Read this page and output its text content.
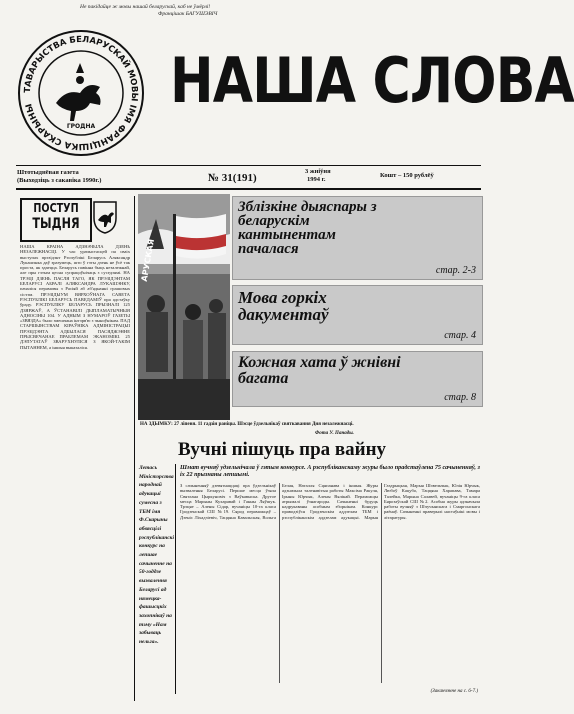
Не пакідайце ж мовы нашай беларускай, каб не ўмёрлі!
Францішак БАГУШЭВІЧ
ТАВАРЫСТВА БЕЛАРУСКАЙ МОВЫ ІМЯ ФРАНЦІШКА СКАРЫНЫ
ГРОДНА
НАША СЛОВА
Штотыднёвая газета
(Выходзіць з сакавіка 1990г.)	№ 31(191)
3 жніўня
1994 г.
Кошт – 150 рублёў
ПОСТУП
ТЫДНЯ
НАША КРАІНА АДЗНАЧЫЛА ДЗЕНЬ НЕЗАЛЕЖНАСЦІ. У час урачыстасцей па сваіх выступах прэзідэнт Рэспублікі Беларусь Аляксандр Лукашэнка даў зразумець, што ў гэты дзень не ўсё так проста, як здаецца. Беларусь павінна быць незалежнай, але пры гэтым цесна супрацоўнічаць з суседзямі. НА ТРЭЦІ ДЗЕНЬ ПАСЛЯ ТАГО, ЯК ПРЭЗІДЭНТАМ БЕЛАРУСІ АБРАЛІ АЛЯКСАНДРА ЛУКАШЭНКУ, пачаліся перамовы з Расіяй аб аб'яднанні грашовых сістэм. ПРЭЗІДЫУМ ВЯРХОЎНАГА САВЕТА РЭСПУБЛІКІ БЕЛАРУСЬ ПАВЕДАМІЎ пра адстаўку ўраду. РЭСПУБЛІКУ БЕЛАРУСЬ ПРЫЗНАЛІ 125 ДЗЯРЖАЎ, А ЎСТАНАВІЛІ ДЫПЛАМАТЫЧНЫЯ АДНОСІНЫ 104. У АДНЫМ З НУМАРОЎ ГАЗЕТЫ «ЗВЯЗДА» было змешчана інтэрв'ю з чыноўнікам. ПАД СТАРШЫНСТВАМ КІРАЎНІКА АДМІНІСТРАЦЫІ ПРЭЗІДЭНТА АДБЫЛАСЯ ПАСЯДЖЭННЕ ПРЫСВЕЧАНАЕ ПРАБЛЕМАМ ЭКАНОМІКІ. 25 ДЭПУТАТАЎ ЗВАРУХНУЛІСЯ З ЯКОЙ-ТАКІМ ПЫТАННЕМ, а іншыя выказаліся.
АРУСКАЯ
Зблізкіне дыяспары з беларускім кантынентам пачалася
стар. 2-3
Мова горкіх дакументаў
стар. 4
Кожная хата ў жнівні багата
стар. 8
НА ЗДЫМКУ: 27 ліпеня. 11 гадзін раніцы. Шэсце ўдзельнікаў святкавання Дня незалежнасці.
Фота У. Панады.
Вучні пішуць пра вайну
Летась Міністэрства народнай адукацыі сумесна з ТБМ імя Ф.Скарыны абвясцілі рэспубліканскі конкурс на лепшае сачыненне на 50-годдзе вызвалення Беларусі ад нямецка-фашысцкіх захопнікаў на тэму «Нам забываць нельга».
Шмат вучняў удзельнічала ў гэтым конкурсе. А рэспубліканскаму журы было прадстаўлена 75 сачыненняў, з іх 22 прызнаны лепшымі.
З сачыненняў дзевятнаццаці пра ўдзельнікаў вызвалення Беларусі. Першае месца ўзяла Святлана Цыркуновіч з Ваўкавыска. Другое месца Марыны Кухаравай і Ганны Ляўшук. Трэцяе – Алены Сідар, вучаніцы 10-га класа Гродзенскай СШ №19. Сярод пераможцаў – Дзеніс Ліхадзіевіч, Таццяна Кавальская, Вольга Белая, Наталля Сцяпанава і іншыя. Журы адзначыла таленавітыя работы Максіма Ракуля, Ірыны Юрчык, Алены Вялікай. Пераможцы атрымалі ўзнагароды. Сачыненні будуць надрукаваны асобным зборнікам. Конкурс праводзіўся Гродзенскім аддзелам ТБМ і рэспубліканскім аддзелам адукацыі. Марыя Газдрыцкая, Марыя Шэвельчык, Юлія Юрчык, Любоў Кацубо, Таццяна Харапава, Тамара Талейка, Марына Салавей, вучаніцы 9-га класа Бярозаўскай СШ №2. Асобна журы адзначыла работы вучняў з Шчучынскага і Смаргонскага раёнаў. Сачыненні праверылі настаўнікі мовы і літаратуры.
(Заканчэнне на с. 6-7.)
